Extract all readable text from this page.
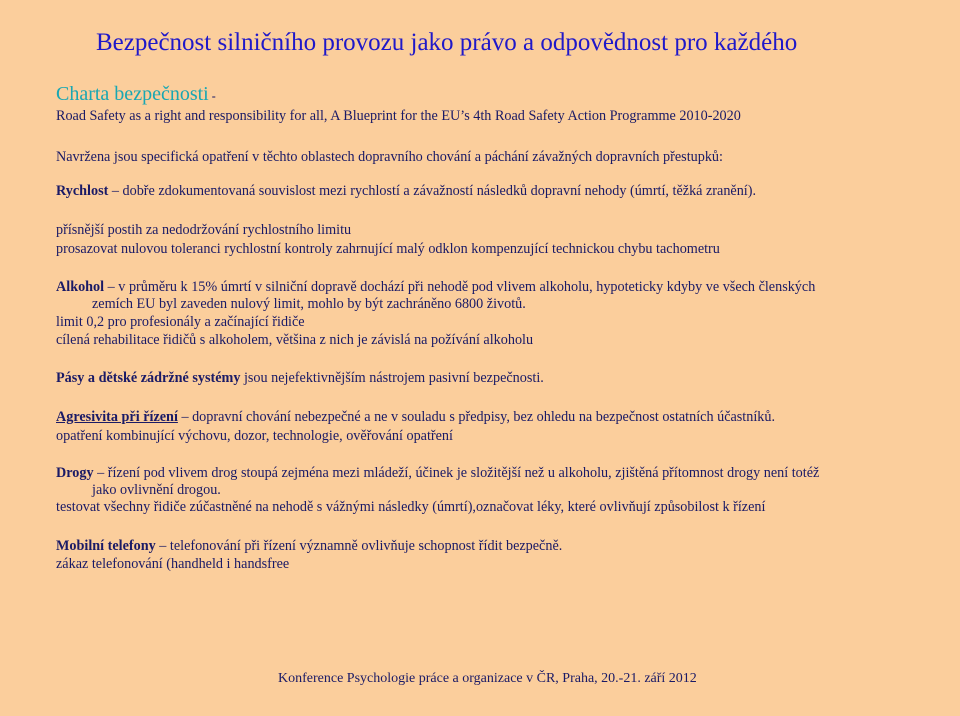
Bezpečnost silničního provozu jako právo a odpovědnost pro každého
Charta bezpečnosti -
Road Safety as a right and responsibility for all, A Blueprint for the EU’s 4th Road Safety Action Programme 2010-2020
Navržena jsou specifická opatření v těchto oblastech dopravního chování a páchání závažných dopravních přestupků:
Rychlost – dobře zdokumentovaná souvislost mezi rychlostí a závažností následků dopravní nehody (úmrtí, těžká zranění).
přísnější postih za nedodržování rychlostního limitu
prosazovat nulovou toleranci rychlostní kontroly zahrnující malý odklon kompenzující technickou chybu tachometru
Alkohol – v průměru k 15% úmrtí v silniční dopravě dochází při nehodě pod vlivem alkoholu, hypoteticky kdyby ve všech členských
zemích EU byl zaveden nulový limit, mohlo by být zachráněno 6800 životů.
limit 0,2 pro profesionály a začínající řidiče
cílená rehabilitace řidičů s alkoholem, většina z nich je závislá na požívání alkoholu
Pásy a dětské zádržné systémy jsou nejefektivnějším nástrojem pasivní bezpečnosti.
Agresivita při řízení – dopravní chování nebezpečné a ne v souladu s předpisy, bez ohledu na bezpečnost ostatních účastníků.
opatření kombinující výchovu, dozor, technologie, ověřování opatření
Drogy – řízení pod vlivem drog stoupá zejména mezi mládeží, účinek je složitější než u alkoholu, zjištěná přítomnost drogy není totéž
jako ovlivnění drogou.
testovat všechny řidiče zúčastněné na nehodě s vážnými následky (úmrtí),označovat léky, které ovlivňují způsobilost k řízení
Mobilní telefony – telefonování při řízení významně ovlivňuje schopnost řídit bezpečně.
zákaz telefonování (handheld i handsfree
Konference Psychologie práce a organizace v ČR, Praha, 20.-21. září 2012
